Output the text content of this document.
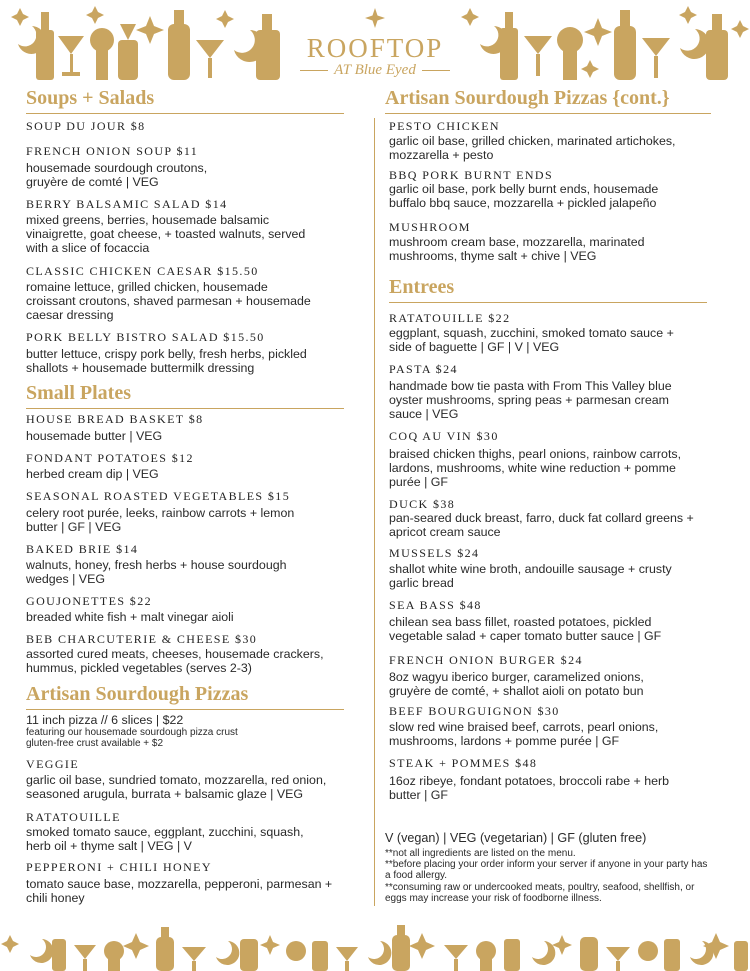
ROOFTOP
AT Blue Eyed
Soups + Salads
SOUP DU JOUR $8
FRENCH ONION SOUP $11
housemade sourdough croutons,
gruyère de comté | VEG
BERRY BALSAMIC SALAD $14
mixed greens, berries, housemade balsamic
vinaigrette, goat cheese, + toasted walnuts, served
with a slice of focaccia
CLASSIC CHICKEN CAESAR $15.50
romaine lettuce, grilled chicken, housemade
croissant croutons, shaved parmesan + housemade
caesar dressing
PORK BELLY BISTRO SALAD $15.50
butter lettuce, crispy pork belly, fresh herbs, pickled
shallots + housemade buttermilk dressing
Small Plates
HOUSE BREAD BASKET $8
housemade butter | VEG
FONDANT POTATOES $12
herbed cream dip | VEG
SEASONAL ROASTED VEGETABLES $15
celery root purée, leeks, rainbow carrots + lemon
butter | GF | VEG
BAKED BRIE $14
walnuts, honey, fresh herbs + house sourdough
wedges | VEG
GOUJONETTES $22
breaded white fish + malt vinegar aioli
BEB CHARCUTERIE & CHEESE $30
assorted cured meats, cheeses, housemade crackers,
hummus, pickled vegetables (serves 2-3)
Artisan Sourdough Pizzas
11 inch pizza // 6 slices | $22
featuring our housemade sourdough pizza crust
gluten-free crust available + $2
VEGGIE
garlic oil base, sundried tomato, mozzarella, red onion,
seasoned arugula, burrata + balsamic glaze | VEG
RATATOUILLE
smoked tomato sauce, eggplant, zucchini, squash,
herb oil + thyme salt | VEG | V
PEPPERONI + CHILI HONEY
tomato sauce base, mozzarella, pepperoni, parmesan +
chili honey
Artisan Sourdough Pizzas {cont.}
PESTO CHICKEN
garlic oil base, grilled chicken, marinated artichokes,
mozzarella + pesto
BBQ PORK BURNT ENDS
garlic oil base, pork belly burnt ends, housemade
buffalo bbq sauce, mozzarella + pickled jalapeño
MUSHROOM
mushroom cream base, mozzarella, marinated
mushrooms, thyme salt + chive | VEG
Entrees
RATATOUILLE $22
eggplant, squash, zucchini, smoked tomato sauce +
side of baguette | GF | V | VEG
PASTA $24
handmade bow tie pasta with From This Valley blue
oyster mushrooms, spring peas + parmesan cream
sauce | VEG
COQ AU VIN $30
braised chicken thighs, pearl onions, rainbow carrots,
lardons, mushrooms, white wine reduction + pomme
purée | GF
DUCK $38
pan-seared duck breast, farro, duck fat collard greens +
apricot cream sauce
MUSSELS $24
shallot white wine broth, andouille sausage + crusty
garlic bread
SEA BASS $48
chilean sea bass fillet, roasted potatoes, pickled
vegetable salad + caper tomato butter sauce | GF
FRENCH ONION BURGER $24
8oz wagyu iberico burger, caramelized onions,
gruyère de comté, + shallot aioli on potato bun
BEEF BOURGUIGNON $30
slow red wine braised beef, carrots, pearl onions,
mushrooms, lardons + pomme purée | GF
STEAK + POMMES $48
16oz ribeye, fondant potatoes, broccoli rabe + herb
butter | GF
V (vegan) | VEG (vegetarian) | GF (gluten free)
**not all ingredients are listed on the menu.
**before placing your order inform your server if anyone in your party has
a food allergy.
**consuming raw or undercooked meats, poultry, seafood, shellfish, or
eggs may increase your risk of foodborne illness.
